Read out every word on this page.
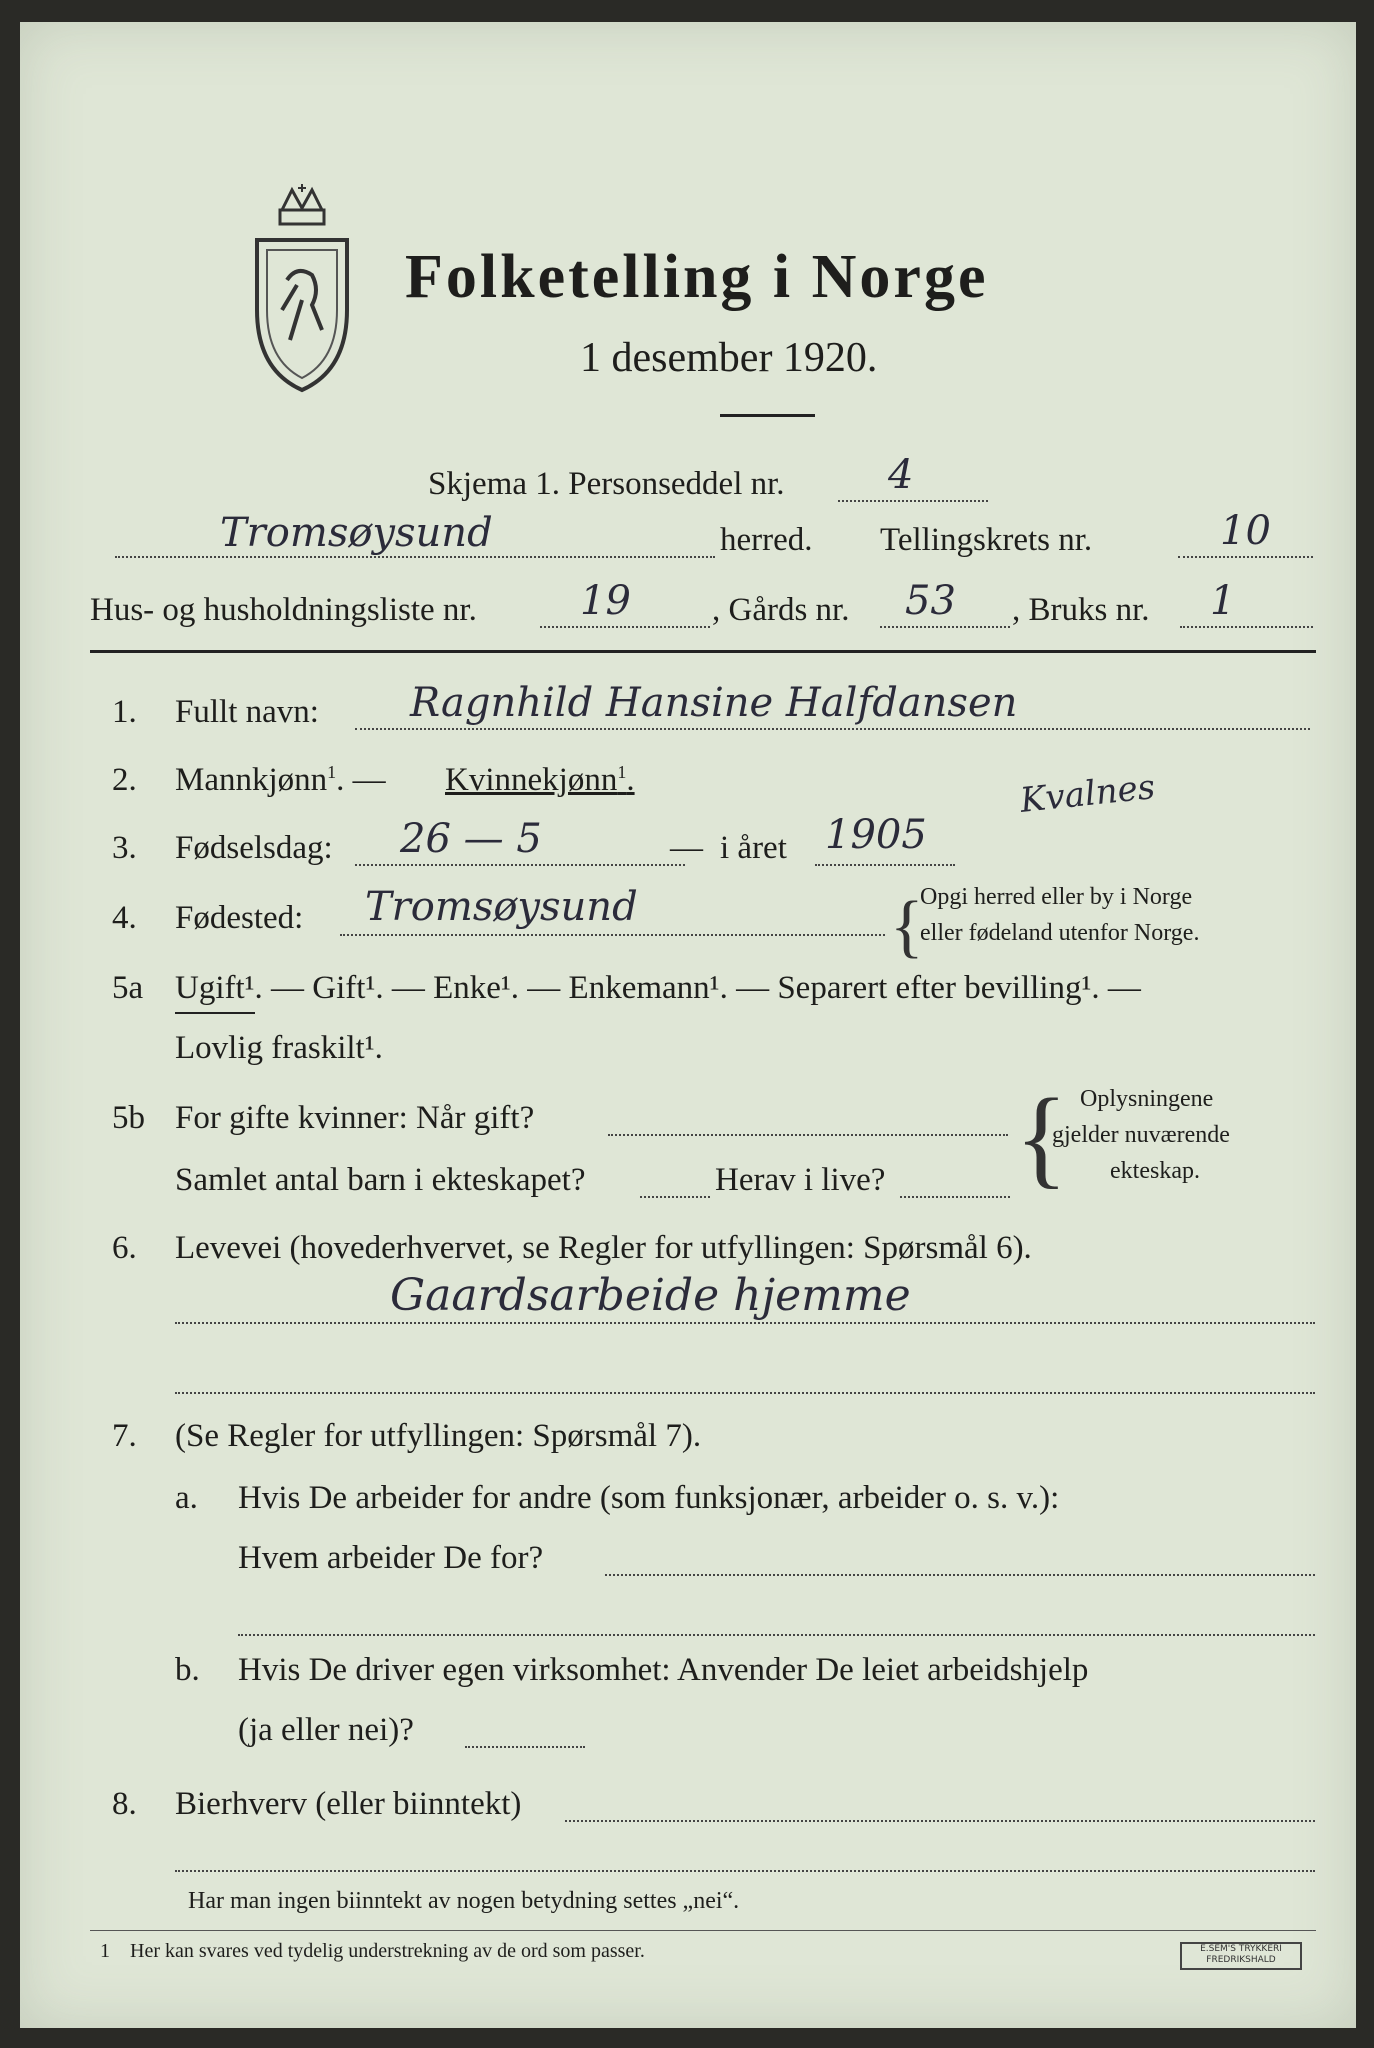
Folketelling i Norge
1 desember 1920.
Skjema 1. Personseddel nr.	4
Tromsøysund	herred. Tellingskrets nr.	10
Hus- og husholdningsliste nr.	19 , Gårds nr. 53 , Bruks nr. 1
1. Fullt navn: Ragnhild Hansine Halfdansen
2. Mannkjønn$^1$. — Kvinnekjønn$^1$.	Kvalnes
3. Fødselsdag: 26 — 5	— i året 1905
4. Fødested: Tromsøysund	{
Opgi herred eller by i Norge
eller fødeland utenfor Norge.
5a Ugift¹. — Gift¹. — Enke¹. — Enkemann¹. — Separert efter bevilling¹. —
Lovlig fraskilt¹.
5b For gifte kvinner: Når gift?
Samlet antal barn i ekteskapet?	Herav i live? { Oplysningene
gjelder nuværende
ekteskap.
6. Levevei (hovederhvervet, se Regler for utfyllingen: Spørsmål 6).
Gaardsarbeide hjemme
7. (Se Regler for utfyllingen: Spørsmål 7).
a. Hvis De arbeider for andre (som funksjonær, arbeider o. s. v.):
Hvem arbeider De for?
b. Hvis De driver egen virksomhet: Anvender De leiet arbeidshjelp
(ja eller nei)?
8. Bierhverv (eller biinntekt)
Har man ingen biinntekt av nogen betydning settes „nei“.
1 Her kan svares ved tydelig understrekning av de ord som passer.	E.SEM'S TRYKKERI
FREDRIKSHALD
